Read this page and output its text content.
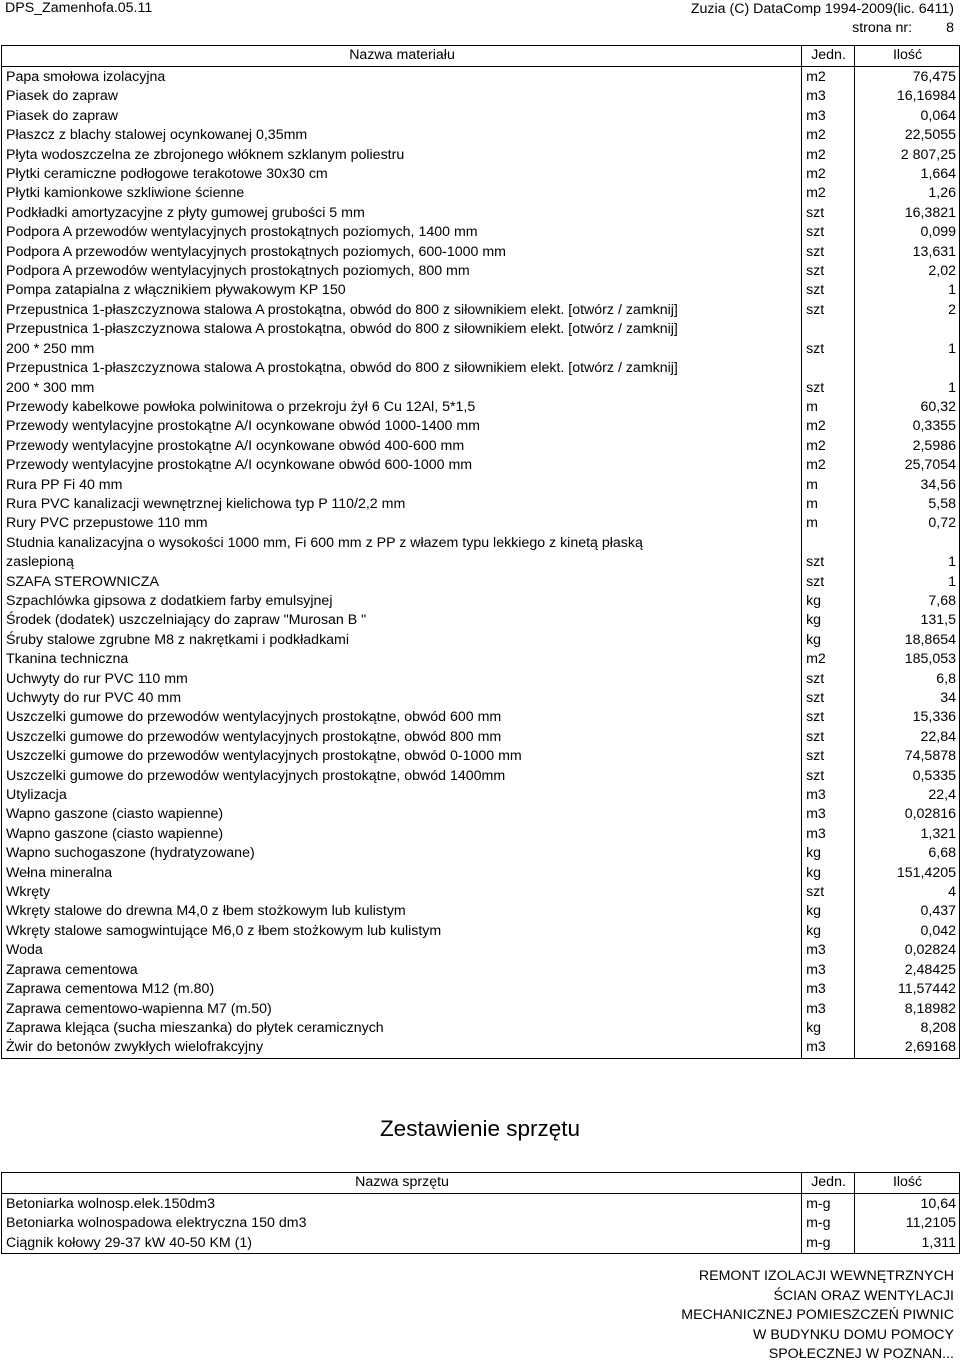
DPS_Zamenhofa.05.11	Zuzia (C) DataComp 1994-2009(lic. 6411)
strona nr: 8
Nazwa materiału	Jedn.	Ilość

Papa smołowa izolacyjna	m2	76,475

Piasek do zapraw	m3	16,16984

Piasek do zapraw	m3	0,064

Płaszcz z blachy stalowej ocynkowanej 0,35mm	m2	22,5055

Płyta wodoszczelna ze zbrojonego włóknem szklanym poliestru	m2	2 807,25

Płytki ceramiczne podłogowe terakotowe 30x30 cm	m2	1,664

Płytki kamionkowe szkliwione ścienne	m2	1,26

Podkładki amortyzacyjne z płyty gumowej grubości 5 mm	szt	16,3821

Podpora A przewodów wentylacyjnych prostokątnych poziomych, 1400 mm	szt	0,099

Podpora A przewodów wentylacyjnych prostokątnych poziomych, 600-1000 mm	szt	13,631

Podpora A przewodów wentylacyjnych prostokątnych poziomych, 800 mm	szt	2,02

Pompa zatapialna z włącznikiem pływakowym KP 150	szt	1

Przepustnica 1-płaszczyznowa stalowa A prostokątna, obwód do 800 z siłownikiem elekt. [otwórz / zamknij]	szt	2

Przepustnica 1-płaszczyznowa stalowa A prostokątna, obwód do 800 z siłownikiem elekt. [otwórz / zamknij]
200 * 250 mm	szt	1

Przepustnica 1-płaszczyznowa stalowa A prostokątna, obwód do 800 z siłownikiem elekt. [otwórz / zamknij]
200 * 300 mm	szt	1

Przewody kabelkowe powłoka polwinitowa o przekroju żył 6 Cu 12Al, 5*1,5	m	60,32

Przewody wentylacyjne prostokątne A/I ocynkowane obwód 1000-1400 mm	m2	0,3355

Przewody wentylacyjne prostokątne A/I ocynkowane obwód 400-600 mm	m2	2,5986

Przewody wentylacyjne prostokątne A/I ocynkowane obwód 600-1000 mm	m2	25,7054

Rura PP Fi 40 mm	m	34,56

Rura PVC kanalizacji wewnętrznej kielichowa typ P 110/2,2 mm	m	5,58

Rury PVC przepustowe 110 mm	m	0,72

Studnia kanalizacyjna o wysokości 1000 mm, Fi 600 mm z PP z włazem typu lekkiego z kinetą płaską
zaslepioną	szt	1

SZAFA STEROWNICZA	szt	1

Szpachlówka gipsowa z dodatkiem farby emulsyjnej	kg	7,68

Środek (dodatek) uszczelniający do zapraw "Murosan B "	kg	131,5

Śruby stalowe zgrubne M8 z nakrętkami i podkładkami	kg	18,8654

Tkanina techniczna	m2	185,053

Uchwyty do rur PVC 110 mm	szt	6,8

Uchwyty do rur PVC 40 mm	szt	34

Uszczelki gumowe do przewodów wentylacyjnych prostokątne, obwód 600 mm	szt	15,336

Uszczelki gumowe do przewodów wentylacyjnych prostokątne, obwód 800 mm	szt	22,84

Uszczelki gumowe do przewodów wentylacyjnych prostokątne, obwód 0-1000 mm	szt	74,5878

Uszczelki gumowe do przewodów wentylacyjnych prostokątne, obwód 1400mm	szt	0,5335

Utylizacja	m3	22,4

Wapno gaszone (ciasto wapienne)	m3	0,02816

Wapno gaszone (ciasto wapienne)	m3	1,321

Wapno suchogaszone (hydratyzowane)	kg	6,68

Wełna mineralna	kg	151,4205

Wkręty	szt	4

Wkręty stalowe do drewna M4,0 z łbem stożkowym lub kulistym	kg	0,437

Wkręty stalowe samogwintujące M6,0 z łbem stożkowym lub kulistym	kg	0,042

Woda	m3	0,02824

Zaprawa cementowa	m3	2,48425

Zaprawa cementowa M12 (m.80)	m3	11,57442

Zaprawa cementowo-wapienna M7 (m.50)	m3	8,18982

Zaprawa klejąca (sucha mieszanka) do płytek ceramicznych	kg	8,208

Żwir do betonów zwykłych wielofrakcyjny	m3	2,69168
Zestawienie sprzętu
Nazwa sprzętu	Jedn.	Ilość

Betoniarka wolnosp.elek.150dm3	m-g	10,64

Betoniarka wolnospadowa elektryczna 150 dm3	m-g	11,2105

Ciągnik kołowy 29-37 kW 40-50 KM (1)	m-g	1,311
REMONT IZOLACJI WEWNĘTRZNYCH
ŚCIAN ORAZ WENTYLACJI
MECHANICZNEJ POMIESZCZEŃ PIWNIC
W BUDYNKU DOMU POMOCY
SPOŁECZNEJ W POZNAN...
